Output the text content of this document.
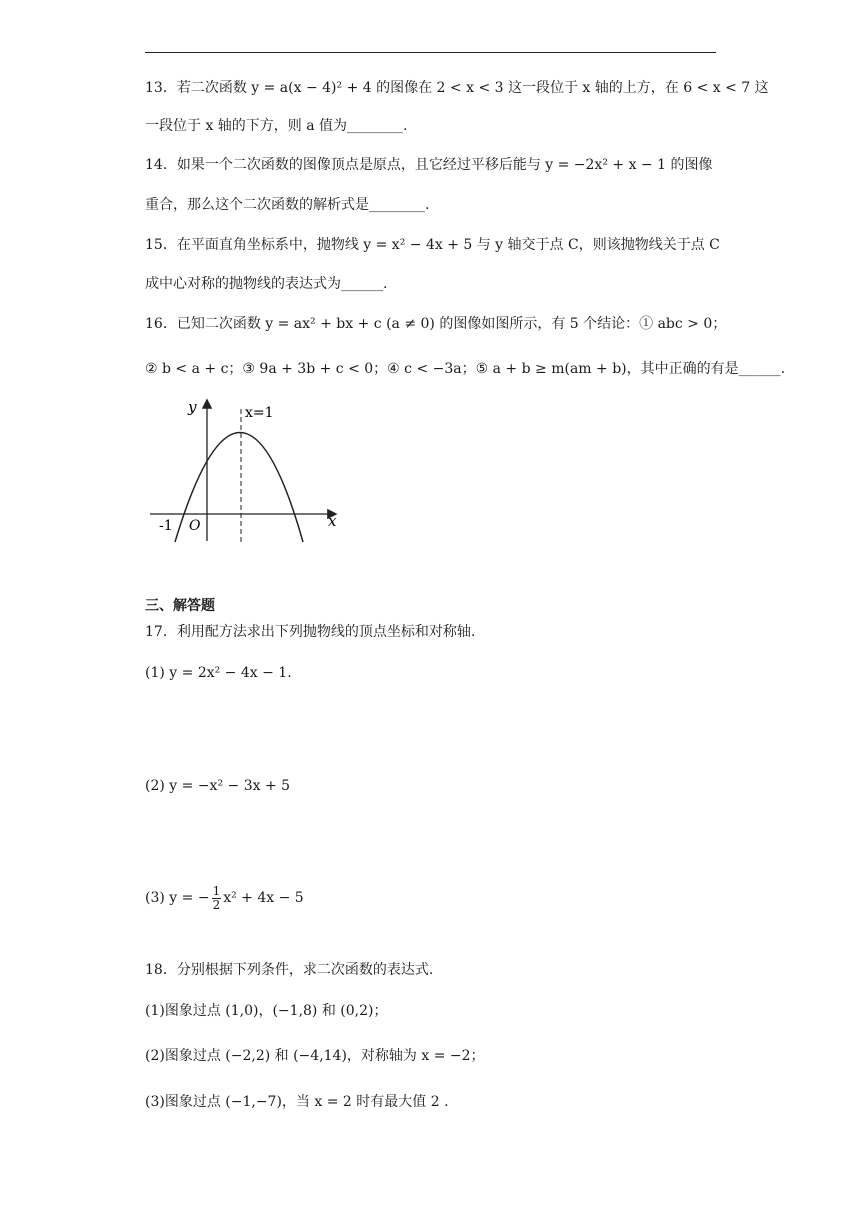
13．若二次函数 y = a(x − 4)² + 4 的图像在 2 < x < 3 这一段位于 x 轴的上方，在 6 < x < 7 这
一段位于 x 轴的下方，则 a 值为________.
14．如果一个二次函数的图像顶点是原点，且它经过平移后能与 y = −2x² + x − 1 的图像
重合，那么这个二次函数的解析式是________.
15．在平面直角坐标系中，抛物线 y = x² − 4x + 5 与 y 轴交于点 C，则该抛物线关于点 C
成中心对称的抛物线的表达式为______.
16．已知二次函数 y = ax² + bx + c (a ≠ 0) 的图像如图所示，有 5 个结论：① abc > 0；
② b < a + c；③ 9a + 3b + c < 0；④ c < −3a；⑤ a + b ≥ m(am + b)，其中正确的有是______.
y
x
x=1
O
-1
三、解答题
17．利用配方法求出下列抛物线的顶点坐标和对称轴.
(1) y = 2x² − 4x − 1.
(2) y = −x² − 3x + 5
(3) y = − $\frac{1}{2} x^2 + 4x - 5$
18．分别根据下列条件，求二次函数的表达式.
(1)图象过点 (1,0)，(−1,8) 和 (0,2)；
(2)图象过点 (−2,2) 和 (−4,14)，对称轴为 x = −2；
(3)图象过点 (−1,−7)，当 x = 2 时有最大值 2 .
